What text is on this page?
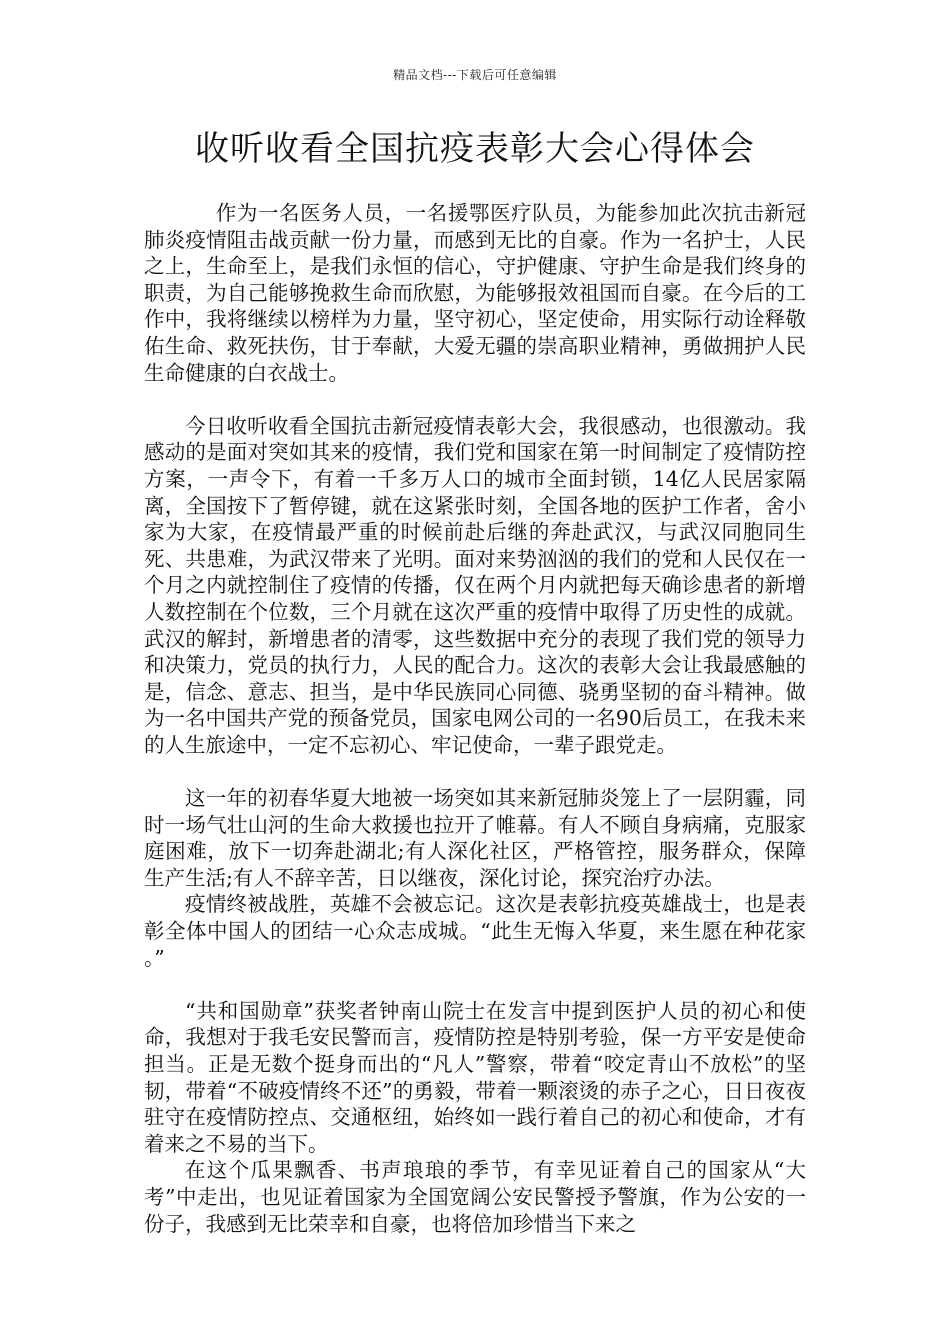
精品文档---下载后可任意编辑
收听收看全国抗疫表彰大会心得体会

作为一名医务人员，一名援鄂医疗队员，为能参加此次抗击新冠肺炎疫情阻击战贡献一份力量，而感到无比的自豪。作为一名护士，人民之上，生命至上，是我们永恒的信心，守护健康、守护生命是我们终身的职责，为自己能够挽救生命而欣慰，为能够报效祖国而自豪。在今后的工作中，我将继续以榜样为力量，坚守初心，坚定使命，用实际行动诠释敬佑生命、救死扶伤，甘于奉献，大爱无疆的崇高职业精神，勇做拥护人民生命健康的白衣战士。

今日收听收看全国抗击新冠疫情表彰大会，我很感动，也很激动。我感动的是面对突如其来的疫情，我们党和国家在第一时间制定了疫情防控方案，一声令下，有着一千多万人口的城市全面封锁，14亿人民居家隔离，全国按下了暂停键，就在这紧张时刻，全国各地的医护工作者，舍小家为大家，在疫情最严重的时候前赴后继的奔赴武汉，与武汉同胞同生死、共患难，为武汉带来了光明。面对来势汹汹的我们的党和人民仅在一个月之内就控制住了疫情的传播，仅在两个月内就把每天确诊患者的新增人数控制在个位数，三个月就在这次严重的疫情中取得了历史性的成就。武汉的解封，新增患者的清零，这些数据中充分的表现了我们党的领导力和决策力，党员的执行力，人民的配合力。这次的表彰大会让我最感触的是，信念、意志、担当，是中华民族同心同德、骁勇坚韧的奋斗精神。做为一名中国共产党的预备党员，国家电网公司的一名90后员工，在我未来的人生旅途中，一定不忘初心、牢记使命，一辈子跟党走。

这一年的初春华夏大地被一场突如其来新冠肺炎笼上了一层阴霾，同时一场气壮山河的生命大救援也拉开了帷幕。有人不顾自身病痛，克服家庭困难，放下一切奔赴湖北;有人深化社区，严格管控，服务群众，保障生产生活;有人不辞辛苦，日以继夜，深化讨论，探究治疗办法。

疫情终被战胜，英雄不会被忘记。这次是表彰抗疫英雄战士，也是表彰全体中国人的团结一心众志成城。“此生无悔入华夏，来生愿在种花家 。”

“共和国勋章”获奖者钟南山院士在发言中提到医护人员的初心和使命，我想对于我毛安民警而言，疫情防控是特别考验，保一方平安是使命担当。正是无数个挺身而出的“凡人”警察，带着“咬定青山不放松”的坚韧，带着“不破疫情终不还”的勇毅，带着一颗滚烫的赤子之心，日日夜夜驻守在疫情防控点、交通枢纽，始终如一践行着自己的初心和使命，才有着来之不易的当下。

在这个瓜果飘香、书声琅琅的季节，有幸见证着自己的国家从“大考”中走出，也见证着国家为全国宽阔公安民警授予警旗，作为公安的一份子，我感到无比荣幸和自豪，也将倍加珍惜当下来之
